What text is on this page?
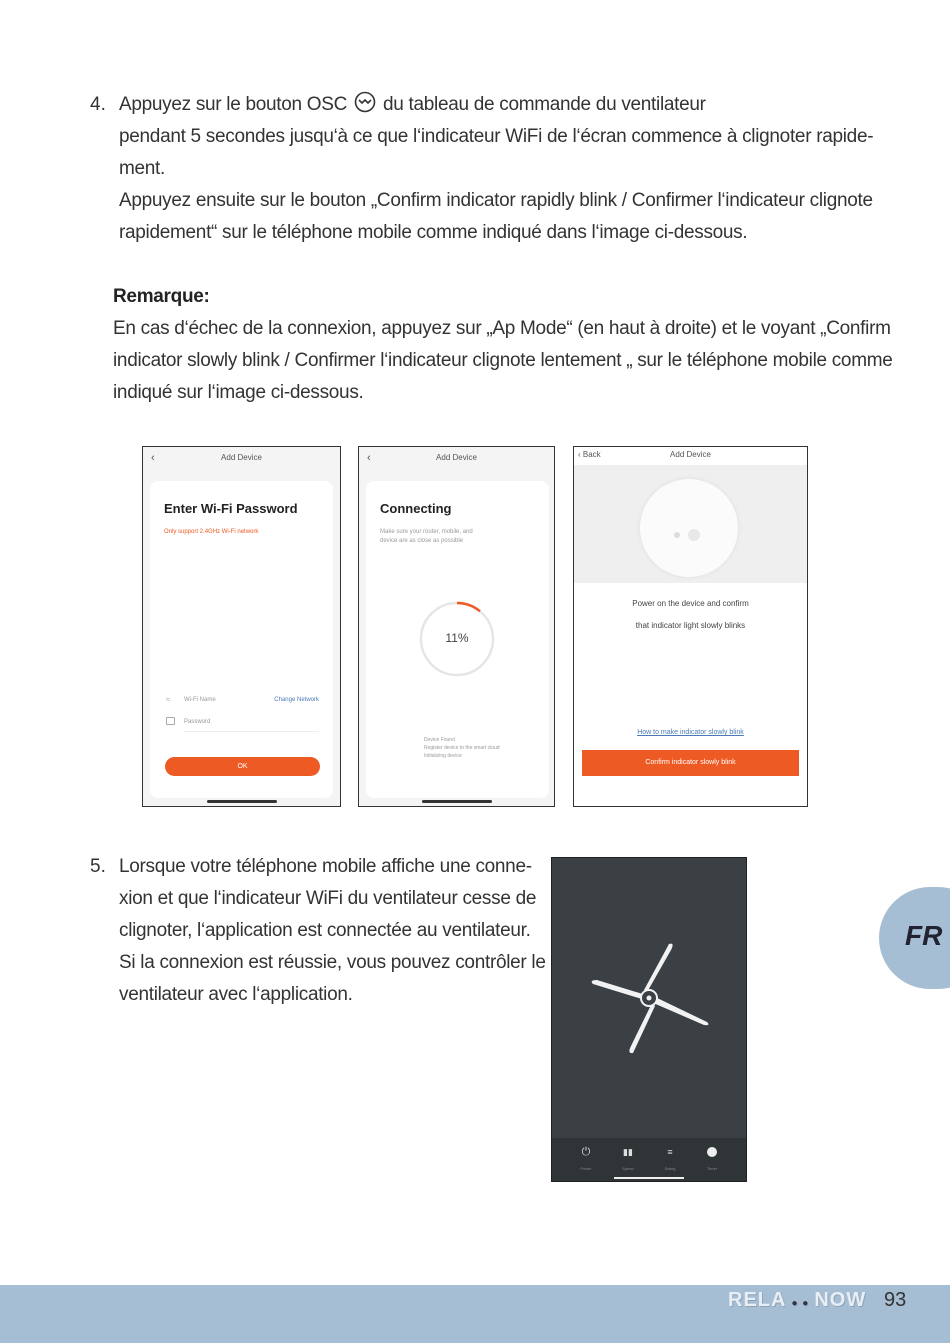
4. Appuyez sur le bouton OSC du tableau de commande du ventilateur
pendant 5 secondes jusqu‘à ce que l‘indicateur WiFi de l‘écran commence à clignoter rapide-
ment.
Appuyez ensuite sur le bouton „Confirm indicator rapidly blink / Confirmer l‘indicateur clignote
rapidement“ sur le téléphone mobile comme indiqué dans l‘image ci-dessous.
Remarque:
En cas d‘échec de la connexion, appuyez sur „Ap Mode“ (en haut à droite) et le voyant „Confirm
indicator slowly blink / Confirmer l‘indicateur clignote lentement „ sur le téléphone mobile comme
indiqué sur l‘image ci-dessous.
‹	Add Device
Enter Wi-Fi Password
Only support 2.4GHz Wi-Fi network
≈ Wi-Fi Name	Change Network
Password
OK
‹	Add Device
Connecting
Make sure your router, mobile, and
device are as close as possible
11%
Device Found
Register device to the smart cloud
Initializing device
‹ Back	Add Device
Power on the device and confirm
that indicator light slowly blinks
How to make indicator slowly blink
Confirm indicator slowly blink
5. Lorsque votre téléphone mobile affiche une conne-
xion et que l‘indicateur WiFi du ventilateur cesse de
clignoter, l‘application est connectée au ventilateur.
Si la connexion est réussie, vous pouvez contrôler le
ventilateur avec l‘application.
⏻
Power
▮▮
Speed
≡
Swing	Timer
FR
RELA ● ● NOW 93
